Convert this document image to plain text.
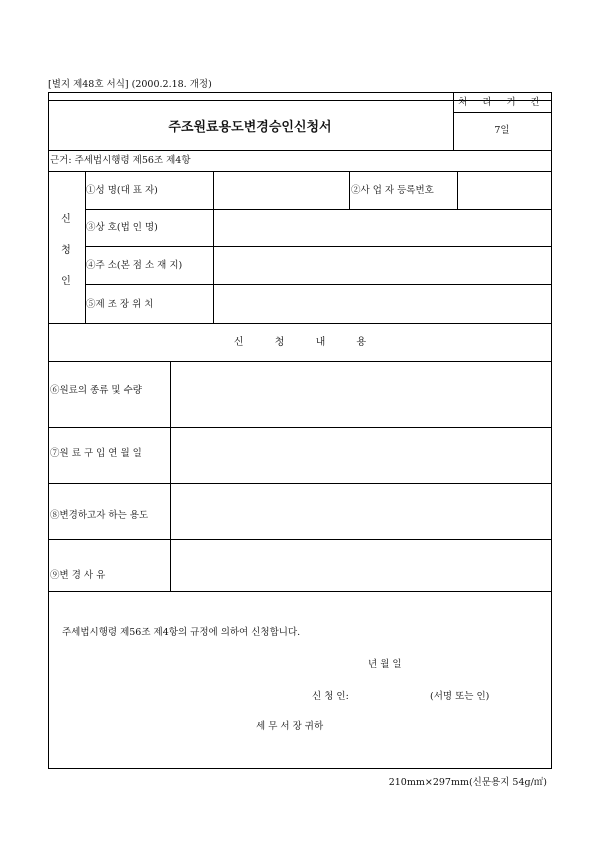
[별지 제48호 서식] (2000.2.18. 개정)
주조원료용도변경승인신청서
처 리 기 간
7일
근거: 주세법시행령 제56조 제4항
신
청
인
①성 명(대 표 자)	②사 업 자 등록번호
③상 호(법 인 명)
④주 소(본 점 소 재 지)
⑤제 조 장 위 치
신 청 내 용
⑥원료의 종류 및 수량
⑦원 료 구 입 연 월 일
⑧변경하고자 하는 용도
⑨변 경 사 유
주세법시행령 제56조 제4항의 규정에 의하여 신청합니다.
년 월 일
신 청 인:	(서명 또는 인)
세 무 서 장 귀하
210mm×297mm(신문용지 54g/㎡)
